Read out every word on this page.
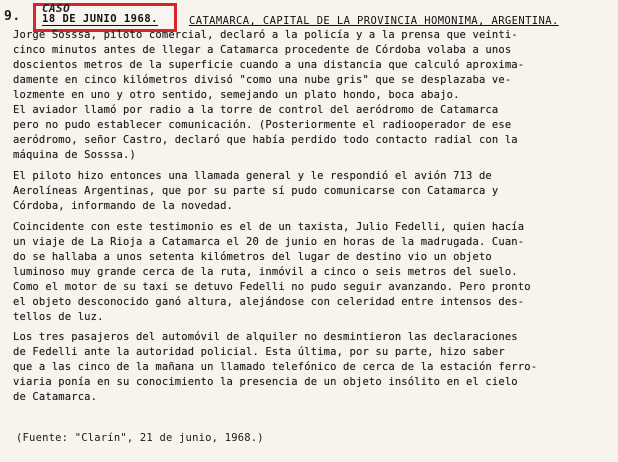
9.
CASO
18 DE JUNIO 1968.	CATAMARCA, CAPITAL DE LA PROVINCIA HOMONIMA, ARGENTINA.
Jorge Sosssa, piloto comercial, declaró a la policía y a la prensa que veinti-
cinco minutos antes de llegar a Catamarca procedente de Córdoba volaba a unos
doscientos metros de la superficie cuando a una distancia que calculó aproxima-
damente en cinco kilómetros divisó "como una nube gris" que se desplazaba ve-
lozmente en uno y otro sentido, semejando un plato hondo, boca abajo.
El aviador llamó por radio a la torre de control del aeródromo de Catamarca
pero no pudo establecer comunicación. (Posteriormente el radiooperador de ese
aeródromo, señor Castro, declaró que había perdido todo contacto radial con la
máquina de Sosssa.)
El piloto hizo entonces una llamada general y le respondió el avión 713 de
Aerolíneas Argentinas, que por su parte sí pudo comunicarse con Catamarca y
Córdoba, informando de la novedad.
Coincidente con este testimonio es el de un taxista, Julio Fedelli, quien hacía
un viaje de La Rioja a Catamarca el 20 de junio en horas de la madrugada. Cuan-
do se hallaba a unos setenta kilómetros del lugar de destino vio un objeto
luminoso muy grande cerca de la ruta, inmóvil a cinco o seis metros del suelo.
Como el motor de su taxi se detuvo Fedelli no pudo seguir avanzando. Pero pronto
el objeto desconocido ganó altura, alejándose con celeridad entre intensos des-
tellos de luz.
Los tres pasajeros del automóvil de alquiler no desmintieron las declaraciones
de Fedelli ante la autoridad policial. Esta última, por su parte, hizo saber
que a las cinco de la mañana un llamado telefónico de cerca de la estación ferro-
viaria ponía en su conocimiento la presencia de un objeto insólito en el cielo
de Catamarca.
(Fuente: "Clarín", 21 de junio, 1968.)
